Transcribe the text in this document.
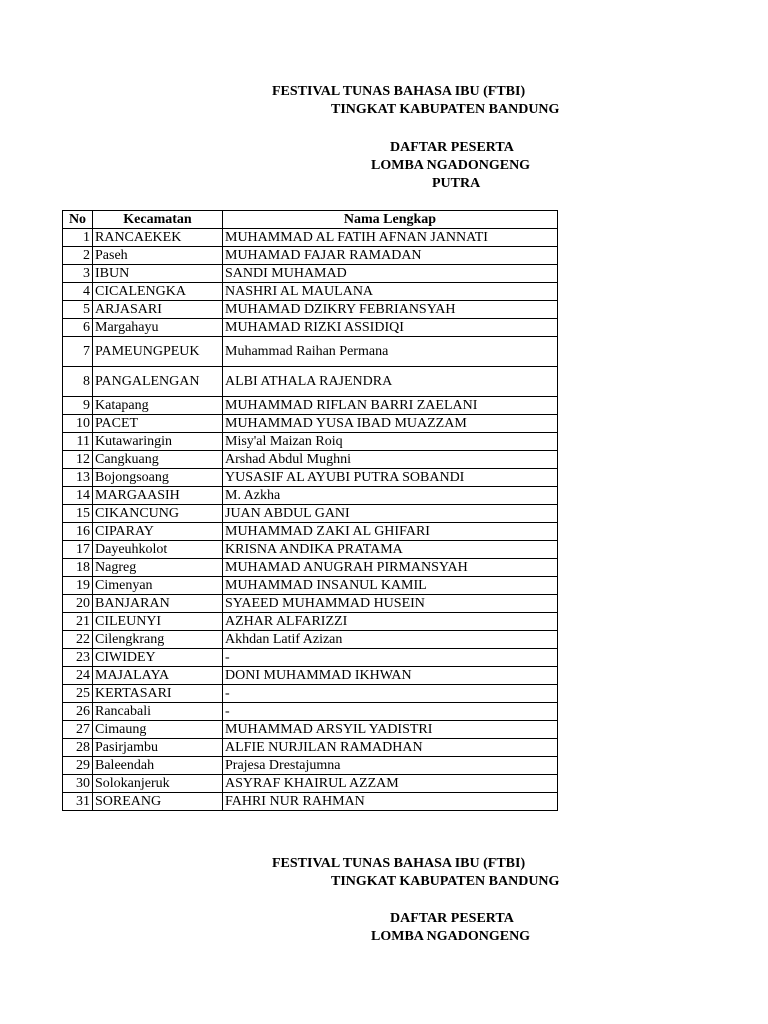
FESTIVAL TUNAS BAHASA IBU (FTBI)
TINGKAT KABUPATEN BANDUNG
DAFTAR PESERTA
LOMBA NGADONGENG
PUTRA
No	Kecamatan	Nama Lengkap
1	RANCAEKEK	MUHAMMAD AL FATIH AFNAN JANNATI
2	Paseh	MUHAMAD FAJAR RAMADAN
3	IBUN	SANDI MUHAMAD
4	CICALENGKA	NASHRI AL MAULANA
5	ARJASARI	MUHAMAD DZIKRY FEBRIANSYAH
6	Margahayu	MUHAMAD RIZKI ASSIDIQI
7	PAMEUNGPEUK	Muhammad Raihan Permana
8	PANGALENGAN	ALBI ATHALA RAJENDRA
9	Katapang	MUHAMMAD RIFLAN BARRI ZAELANI
10	PACET	MUHAMMAD YUSA IBAD MUAZZAM
11	Kutawaringin	Misy'al Maizan Roiq
12	Cangkuang	Arshad Abdul Mughni
13	Bojongsoang	YUSASIF AL AYUBI PUTRA SOBANDI
14	MARGAASIH	M. Azkha
15	CIKANCUNG	JUAN ABDUL GANI
16	CIPARAY	MUHAMMAD ZAKI AL GHIFARI
17	Dayeuhkolot	KRISNA ANDIKA PRATAMA
18	Nagreg	MUHAMAD ANUGRAH PIRMANSYAH
19	Cimenyan	MUHAMMAD INSANUL KAMIL
20	BANJARAN	SYAEED MUHAMMAD HUSEIN
21	CILEUNYI	AZHAR ALFARIZZI
22	Cilengkrang	Akhdan Latif Azizan
23	CIWIDEY	-
24	MAJALAYA	DONI MUHAMMAD IKHWAN
25	KERTASARI	-
26	Rancabali	-
27	Cimaung	MUHAMMAD ARSYIL YADISTRI
28	Pasirjambu	ALFIE NURJILAN RAMADHAN
29	Baleendah	Prajesa Drestajumna
30	Solokanjeruk	ASYRAF KHAIRUL AZZAM
31	SOREANG	FAHRI NUR RAHMAN
FESTIVAL TUNAS BAHASA IBU (FTBI)
TINGKAT KABUPATEN BANDUNG
DAFTAR PESERTA
LOMBA NGADONGENG
